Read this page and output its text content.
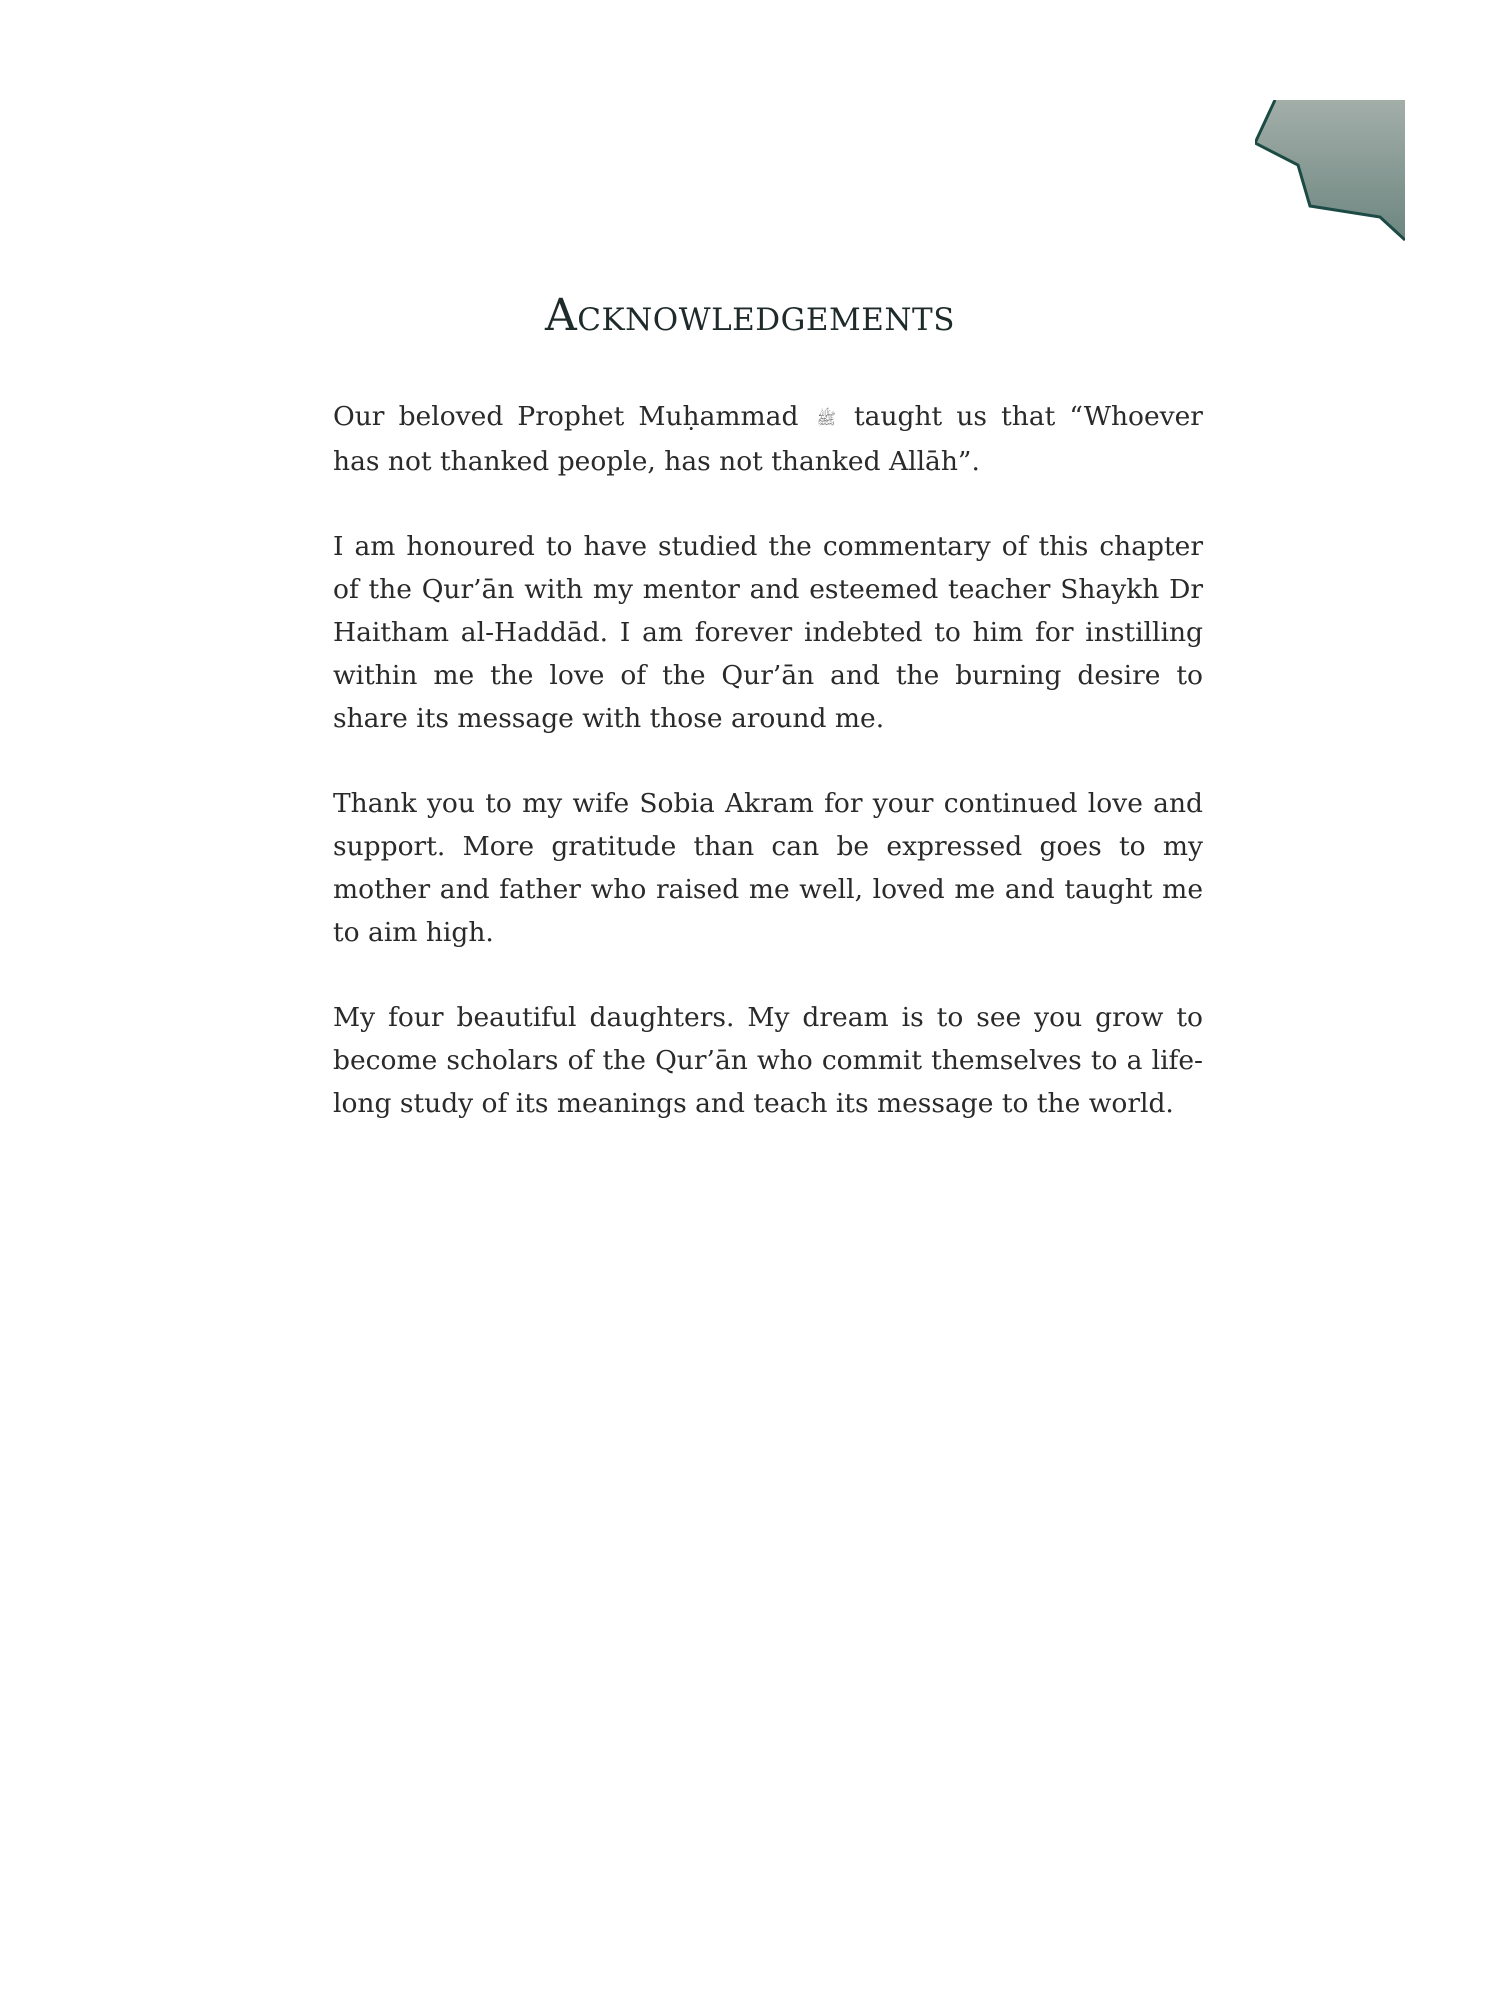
Acknowledgements

Our beloved Prophet Muḥammad ﷺ taught us that “Whoever has not thanked people, has not thanked Allāh”.

I am honoured to have studied the commentary of this chapter of the Qur’ān with my mentor and esteemed teacher Shaykh Dr Haitham al-Haddād. I am forever indebted to him for instilling within me the love of the Qur’ān and the burning desire to share its message with those around me.

Thank you to my wife Sobia Akram for your continued love and support. More gratitude than can be expressed goes to my mother and father who raised me well, loved me and taught me to aim high.

My four beautiful daughters. My dream is to see you grow to become scholars of the Qur’ān who commit themselves to a life-long study of its meanings and teach its message to the world.
